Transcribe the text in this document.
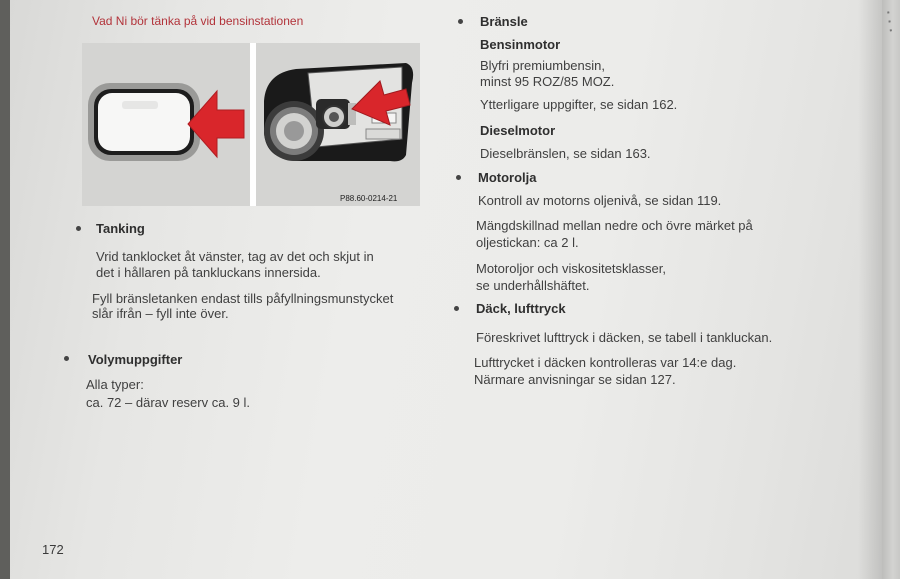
▪
▪
▪
Vad Ni bör tänka på vid bensinstationen
P88.60-0214-21
Tanking
Vrid tanklocket åt vänster, tag av det och skjut in
det i hållaren på tankluckans innersida.
Fyll bränsletanken endast tills påfyllningsmunstycket
slår ifrån – fyll inte över.
Volymuppgifter
Alla typer:
ca. 72 – därav reserv ca. 9 l.
172
Bränsle
Bensinmotor
Blyfri premiumbensin,
minst 95 ROZ/85 MOZ.
Ytterligare uppgifter, se sidan 162.
Dieselmotor
Dieselbränslen, se sidan 163.
Motorolja
Kontroll av motorns oljenivå, se sidan 119.
Mängdskillnad mellan nedre och övre märket på
oljestickan: ca 2 l.
Motoroljor och viskositetsklasser,
se underhållshäftet.
Däck, lufttryck
Föreskrivet lufttryck i däcken, se tabell i tankluckan.
Lufttrycket i däcken kontrolleras var 14:e dag.
Närmare anvisningar se sidan 127.
